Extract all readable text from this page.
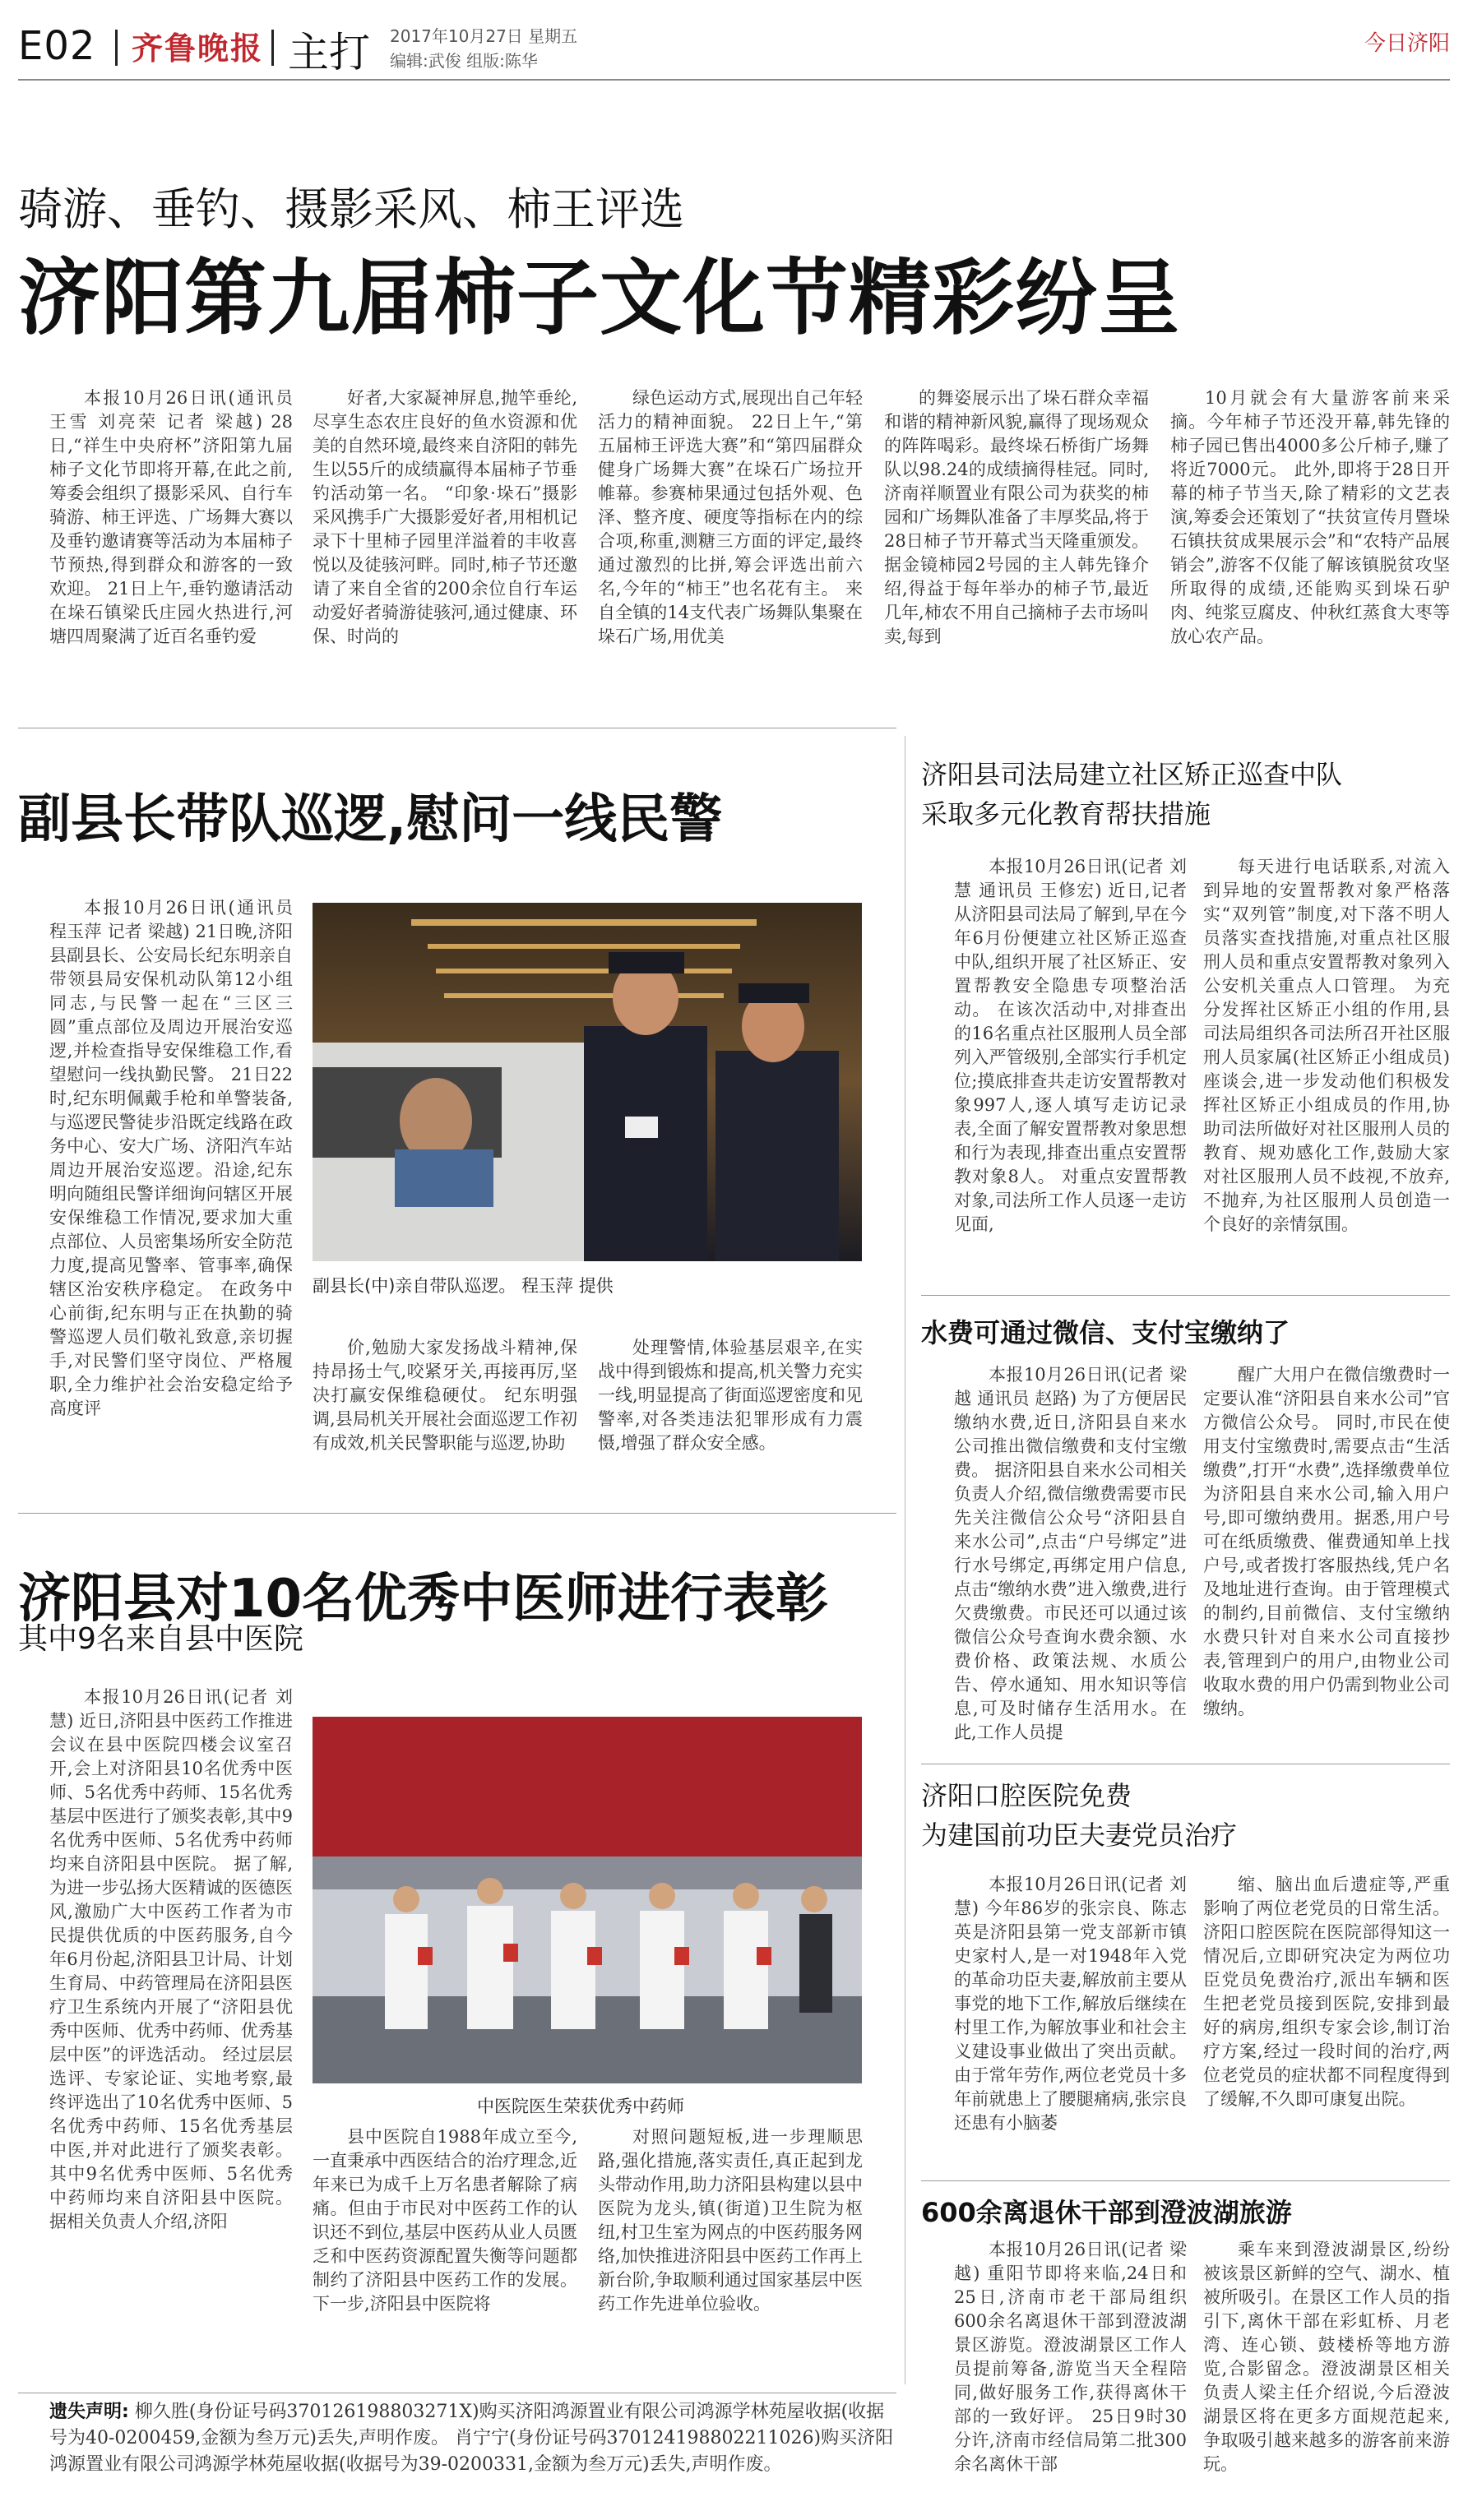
E02 齐鲁晚报 主打 2017年10月27日 星期五
编辑:武俊 组版:陈华
今日济阳
骑游、垂钓、摄影采风、柿王评选
济阳第九届柿子文化节精彩纷呈

本报10月26日讯(通讯员 王雪 刘亮荣 记者 梁越) 28日,“祥生中央府杯”济阳第九届柿子文化节即将开幕,在此之前,筹委会组织了摄影采风、自行车骑游、柿王评选、广场舞大赛以及垂钓邀请赛等活动为本届柿子节预热,得到群众和游客的一致欢迎。 21日上午,垂钓邀请活动在垛石镇梁氏庄园火热进行,河塘四周聚满了近百名垂钓爱

好者,大家凝神屏息,抛竿垂纶,尽享生态农庄良好的鱼水资源和优美的自然环境,最终来自济阳的韩先生以55斤的成绩赢得本届柿子节垂钓活动第一名。 “印象·垛石”摄影采风携手广大摄影爱好者,用相机记录下十里柿子园里洋溢着的丰收喜悦以及徒骇河畔。同时,柿子节还邀请了来自全省的200余位自行车运动爱好者骑游徒骇河,通过健康、环保、时尚的

绿色运动方式,展现出自己年轻活力的精神面貌。 22日上午,“第五届柿王评选大赛”和“第四届群众健身广场舞大赛”在垛石广场拉开帷幕。参赛柿果通过包括外观、色泽、整齐度、硬度等指标在内的综合项,称重,测糖三方面的评定,最终通过激烈的比拼,筹会评选出前六名,今年的“柿王”也名花有主。 来自全镇的14支代表广场舞队集聚在垛石广场,用优美

的舞姿展示出了垛石群众幸福和谐的精神新风貌,赢得了现场观众的阵阵喝彩。最终垛石桥街广场舞队以98.24的成绩摘得桂冠。同时,济南祥顺置业有限公司为获奖的柿园和广场舞队准备了丰厚奖品,将于28日柿子节开幕式当天隆重颁发。 据金镜柿园2号园的主人韩先锋介绍,得益于每年举办的柿子节,最近几年,柿农不用自己摘柿子去市场叫卖,每到

10月就会有大量游客前来采摘。今年柿子节还没开幕,韩先锋的柿子园已售出4000多公斤柿子,赚了将近7000元。 此外,即将于28日开幕的柿子节当天,除了精彩的文艺表演,筹委会还策划了“扶贫宣传月暨垛石镇扶贫成果展示会”和“农特产品展销会”,游客不仅能了解该镇脱贫攻坚所取得的成绩,还能购买到垛石驴肉、纯浆豆腐皮、仲秋红蒸食大枣等放心农产品。

副县长带队巡逻,慰问一线民警

本报10月26日讯(通讯员 程玉萍 记者 梁越) 21日晚,济阳县副县长、公安局长纪东明亲自带领县局安保机动队第12小组同志,与民警一起在“三区三圆”重点部位及周边开展治安巡逻,并检查指导安保维稳工作,看望慰问一线执勤民警。 21日22时,纪东明佩戴手枪和单警装备,与巡逻民警徒步沿既定线路在政务中心、安大广场、济阳汽车站周边开展治安巡逻。沿途,纪东明向随组民警详细询问辖区开展安保维稳工作情况,要求加大重点部位、人员密集场所安全防范力度,提高见警率、管事率,确保辖区治安秩序稳定。 在政务中心前街,纪东明与正在执勤的骑警巡逻人员们敬礼致意,亲切握手,对民警们坚守岗位、严格履职,全力维护社会治安稳定给予高度评

副县长(中)亲自带队巡逻。 程玉萍 提供

价,勉励大家发扬战斗精神,保持昂扬士气,咬紧牙关,再接再厉,坚决打赢安保维稳硬仗。 纪东明强调,县局机关开展社会面巡逻工作初有成效,机关民警职能与巡逻,协助

处理警情,体验基层艰辛,在实战中得到锻炼和提高,机关警力充实一线,明显提高了街面巡逻密度和见警率,对各类违法犯罪形成有力震慑,增强了群众安全感。

济阳县对10名优秀中医师进行表彰
其中9名来自县中医院

本报10月26日讯(记者 刘慧) 近日,济阳县中医药工作推进会议在县中医院四楼会议室召开,会上对济阳县10名优秀中医师、5名优秀中药师、15名优秀基层中医进行了颁奖表彰,其中9名优秀中医师、5名优秀中药师均来自济阳县中医院。 据了解,为进一步弘扬大医精诚的医德医风,激励广大中医药工作者为市民提供优质的中医药服务,自今年6月份起,济阳县卫计局、计划生育局、中药管理局在济阳县医疗卫生系统内开展了“济阳县优秀中医师、优秀中药师、优秀基层中医”的评选活动。 经过层层选评、专家论证、实地考察,最终评选出了10名优秀中医师、5名优秀中药师、15名优秀基层中医,并对此进行了颁奖表彰。其中9名优秀中医师、5名优秀中药师均来自济阳县中医院。 据相关负责人介绍,济阳

中医院医生荣获优秀中药师

县中医院自1988年成立至今,一直秉承中西医结合的治疗理念,近年来已为成千上万名患者解除了病痛。但由于市民对中医药工作的认识还不到位,基层中医药从业人员匮乏和中医药资源配置失衡等问题都制约了济阳县中医药工作的发展。 下一步,济阳县中医院将

对照问题短板,进一步理顺思路,强化措施,落实责任,真正起到龙头带动作用,助力济阳县构建以县中医院为龙头,镇(街道)卫生院为枢纽,村卫生室为网点的中医药服务网络,加快推进济阳县中医药工作再上新台阶,争取顺利通过国家基层中医药工作先进单位验收。

济阳县司法局建立社区矫正巡查中队
采取多元化教育帮扶措施

本报10月26日讯(记者 刘慧 通讯员 王修宏) 近日,记者从济阳县司法局了解到,早在今年6月份便建立社区矫正巡查中队,组织开展了社区矫正、安置帮教安全隐患专项整治活动。 在该次活动中,对排查出的16名重点社区服刑人员全部列入严管级别,全部实行手机定位;摸底排查共走访安置帮教对象997人,逐人填写走访记录表,全面了解安置帮教对象思想和行为表现,排查出重点安置帮教对象8人。 对重点安置帮教对象,司法所工作人员逐一走访见面,

每天进行电话联系,对流入到异地的安置帮教对象严格落实“双列管”制度,对下落不明人员落实查找措施,对重点社区服刑人员和重点安置帮教对象列入公安机关重点人口管理。 为充分发挥社区矫正小组的作用,县司法局组织各司法所召开社区服刑人员家属(社区矫正小组成员)座谈会,进一步发动他们积极发挥社区矫正小组成员的作用,协助司法所做好对社区服刑人员的教育、规劝感化工作,鼓励大家对社区服刑人员不歧视,不放弃,不抛弃,为社区服刑人员创造一个良好的亲情氛围。

水费可通过微信、支付宝缴纳了

本报10月26日讯(记者 梁越 通讯员 赵路) 为了方便居民缴纳水费,近日,济阳县自来水公司推出微信缴费和支付宝缴费。 据济阳县自来水公司相关负责人介绍,微信缴费需要市民先关注微信公众号“济阳县自来水公司”,点击“户号绑定”进行水号绑定,再绑定用户信息,点击“缴纳水费”进入缴费,进行欠费缴费。市民还可以通过该微信公众号查询水费余额、水费价格、政策法规、水质公告、停水通知、用水知识等信息,可及时储存生活用水。在此,工作人员提

醒广大用户在微信缴费时一定要认准“济阳县自来水公司”官方微信公众号。 同时,市民在使用支付宝缴费时,需要点击“生活缴费”,打开“水费”,选择缴费单位为济阳县自来水公司,输入用户号,即可缴纳费用。据悉,用户号可在纸质缴费、催费通知单上找户号,或者拨打客服热线,凭户名及地址进行查询。由于管理模式的制约,目前微信、支付宝缴纳水费只针对自来水公司直接抄表,管理到户的用户,由物业公司收取水费的用户仍需到物业公司缴纳。

济阳口腔医院免费
为建国前功臣夫妻党员治疗

本报10月26日讯(记者 刘慧) 今年86岁的张宗良、陈志英是济阳县第一党支部新市镇史家村人,是一对1948年入党的革命功臣夫妻,解放前主要从事党的地下工作,解放后继续在村里工作,为解放事业和社会主义建设事业做出了突出贡献。 由于常年劳作,两位老党员十多年前就患上了腰腿痛病,张宗良还患有小脑萎

缩、脑出血后遗症等,严重影响了两位老党员的日常生活。 济阳口腔医院在医院部得知这一情况后,立即研究决定为两位功臣党员免费治疗,派出车辆和医生把老党员接到医院,安排到最好的病房,组织专家会诊,制订治疗方案,经过一段时间的治疗,两位老党员的症状都不同程度得到了缓解,不久即可康复出院。

600余离退休干部到澄波湖旅游

本报10月26日讯(记者 梁越) 重阳节即将来临,24日和25日,济南市老干部局组织600余名离退休干部到澄波湖景区游览。澄波湖景区工作人员提前筹备,游览当天全程陪同,做好服务工作,获得离休干部的一致好评。 25日9时30分许,济南市经信局第二批300余名离休干部

乘车来到澄波湖景区,纷纷被该景区新鲜的空气、湖水、植被所吸引。在景区工作人员的指引下,离休干部在彩虹桥、月老湾、连心锁、鼓楼桥等地方游览,合影留念。澄波湖景区相关负责人梁主任介绍说,今后澄波湖景区将在更多方面规范起来,争取吸引越来越多的游客前来游玩。

遗失声明: 柳久胜(身份证号码370126198803271X)购买济阳鸿源置业有限公司鸿源学林苑屋收据(收据号为40-0200459,金额为叁万元)丢失,声明作废。 肖宁宁(身份证号码370124198802211026)购买济阳鸿源置业有限公司鸿源学林苑屋收据(收据号为39-0200331,金额为叁万元)丢失,声明作废。
